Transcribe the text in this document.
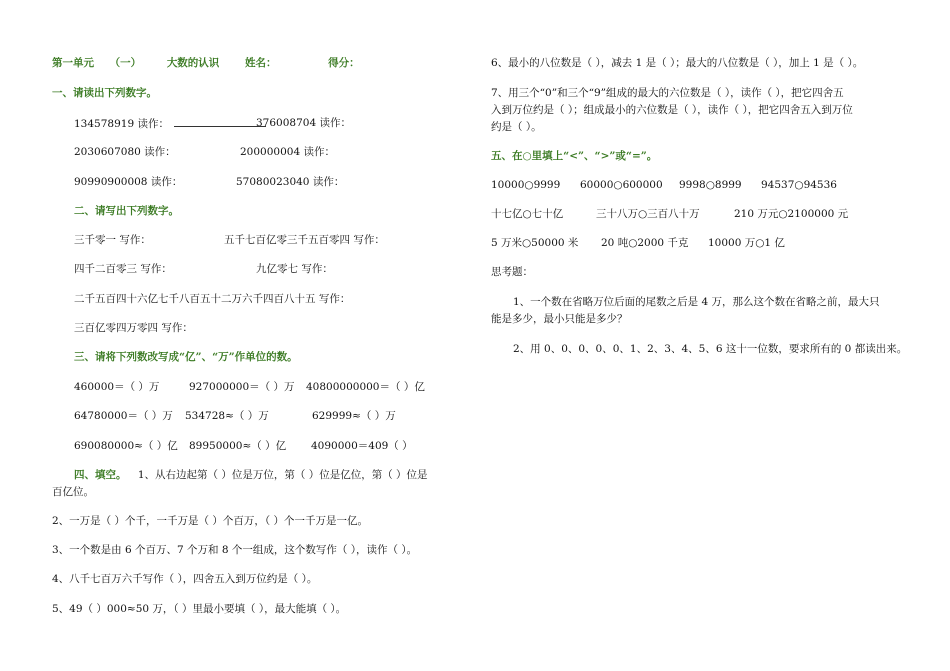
第一单元 （一） 大数的认识 姓名：	得分：
一、请读出下列数字。
134578919 读作：	376008704 读作：
2030607080 读作：	200000004 读作：
90990900008 读作：	57080023040 读作：
二、请写出下列数字。
三千零一 写作：	五千七百亿零三千五百零四 写作：
四千二百零三 写作：	九亿零七 写作：
二千五百四十六亿七千八百五十二万六千四百八十五 写作：
三百亿零四万零四 写作：
三、请将下列数改写成“亿”、“万”作单位的数。
460000＝（ ）万	927000000＝（ ）万 40800000000＝（ ）亿
64780000＝（ ）万 534728≈（ ）万	629999≈（ ）万
690080000≈（ ）亿 89950000≈（ ）亿 4090000＝409（ ）
四、填空。 1、从右边起第（ ）位是万位，第（ ）位是亿位，第（ ）位是
百亿位。
2、一万是（ ）个千，一千万是（ ）个百万，（ ）个一千万是一亿。
3、一个数是由 6 个百万、7 个万和 8 个一组成，这个数写作（ ），读作（ ）。
4、八千七百万六千写作（ ），四舍五入到万位约是（ ）。
5、49（ ）000≈50 万，（ ）里最小要填（ ），最大能填（ ）。
6、最小的八位数是（ ），减去 1 是（ ）；最大的八位数是（ ），加上 1 是（ ）。
7、用三个“0”和三个“9”组成的最大的六位数是（ ），读作（ ），把它四舍五
入到万位约是（ ）；组成最小的六位数是（ ），读作（ ），把它四舍五入到万位
约是（ ）。
五、在○里填上“<”、“>”或“=”。
10000○9999 60000○600000 9998○8999 94537○94536
十七亿○七十亿	三十八万○三百八十万	210 万元○2100000 元
5 万米○50000 米 20 吨○2000 千克 10000 万○1 亿
思考题：
1、一个数在省略万位后面的尾数之后是 4 万，那么这个数在省略之前，最大只
能是多少，最小只能是多少？
2、用 0、0、0、0、0、1、2、3、4、5、6 这十一位数，要求所有的 0 都读出来。
